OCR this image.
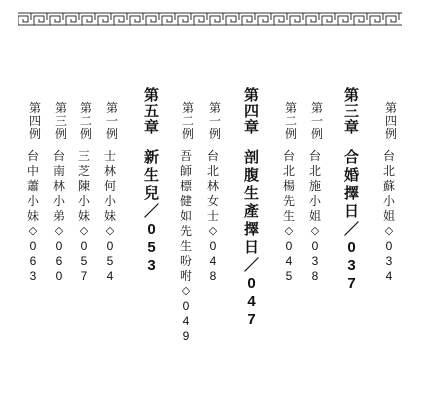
第
四
例
台
北
蘇
小
姐
◇
0
3
4
第
三
章
合
婚
擇
日
／
0
3
7
第
一
例
台
北
施
小
姐
◇
0
3
8
第
二
例
台
北
楊
先
生
◇
0
4
5
第
四
章
剖
腹
生
產
擇
日
／
0
4
7
第
一
例
台
北
林
女
士
◇
0
4
8
第
二
例
吾
師
標
健
如
先
生
吩
咐
◇
0
4
9
第
五
章
新
生
兒
／
0
5
3
第
一
例
士
林
何
小
妹
◇
0
5
4
第
二
例
三
芝
陳
小
妹
◇
0
5
7
第
三
例
台
南
林
小
弟
◇
0
6
0
第
四
例
台
中
蕭
小
妹
◇
0
6
3
